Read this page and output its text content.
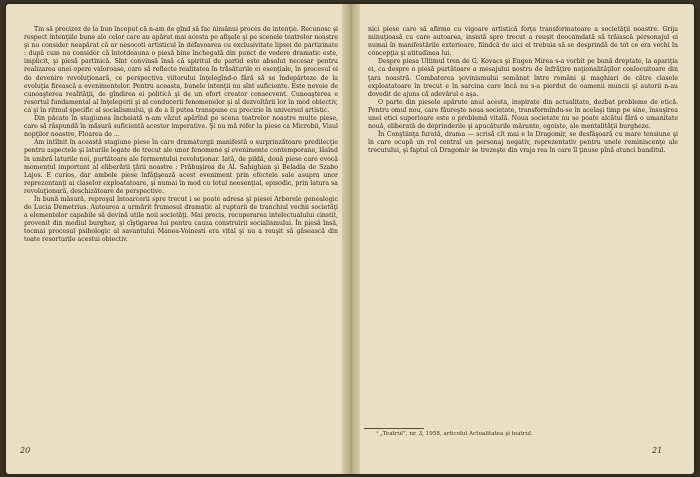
Tin să precizez de la bun început că n-am de gînd să fac nimănui proces de intenţie. Recunosc şi respect intenţiile bune ale celor care au apărut mai acesta pe afişele şi pe scenele teatrelor noastre şi nu consider neapărat că ar nesocoti artisticul în defavoarea cu exclusivitate lipsei de partizinate : după cum nu consider că întotdeauna o piesă bine închegată din punct de vedere dramatic este, implicit, şi piesă partinică. Sînt convinsă însă că spiritul de partid este absolut necesar pentru realizarea unei opere valoroase, care să reflecte realitatea în trăsăturile ei esenţiale, în procesul ei de devenire revoluţionară, ce perspectiva viitorului înţelegînd-o fără să se îndepărteze de la evoluţia firească a evenimentelor. Pentru aceasta, bunele intenţii nu sînt suficiente. Este nevoie de cunoaşterea realităţii, de gîndirea ei politică şi de un efort creator consecvent. Cunoaşterea e resortul fundamental al înţelegerii şi al conducerii fenomenelor şi al dezvoltării lor în mod obiectiv, ca şi în ritmul specific al socialismului, şi de a îl putea transpune cu precizie în universul artistic.

Din păcate în stagiunea încheiată n-am văzut apărînd pe scena teatrelor noastre multe piese, care să răspundă în măsură suficientă acestor imperative. Şi nu mă refer la piese ca Microbii, Visul nopţilor noastre, Floarea de ...

Am intîlnit în această stagiune piese în care dramaturgii manifestă o surprinzătoare predilecţie pentru aspectele şi laturile legate de trecut ale unor fenomene şi evenimente contemporane, lăsînd în umbră laturile noi, purtătoare ale fermentului revoluţionar. Iată, de pildă, două piese care evocă momentul important al eliberării ţării noastre : Prăbuşirea de Al. Sahighian şi Beladia de Szabo Lajos. E curios, dar ambele piese înfăţişează acest eveniment prin efectele sale asupra unor reprezentanţi ai claselor exploatatoare, şi numai în mod cu totul neesenţial, episodic, prin latura sa revoluţionară, deschizătoare de perspective.

În bună măsură, reproşul întoarcerii spre trecut i se poate adresa şi piesei Arborele genealogic de Lucia Demetrius. Autoarea a urmărit frumosul dramatic al rupturii de tranchiul vechii societăţi a elementelor capabile să devină utile noii societăţi. Mai precis, recuperarea intelectualului cinstit, provenit din mediul burghez, şi cîştigarea lui pentru cauza construirii socialismului. În piesă însă, tocmai procesul psihologic al savantului Manea-Voinesti era vital şi nu a reuşit să găsească din toate resorturile acestui obiectiv.

nici piese care să afirme cu vigoare artistică forţa transformatoare a societăţii noastre. Grija minuţioasă cu care autoarea, insistă spre trecut a reuşit deocamdată să trăiască personajul ei numai în manifestările exterioare, fiindcă de aici el trebuia să se desprindă de tot ce era vechi în concepţia şi atitudinea lui.

Despre piesa Ultimul tren de G. Kovacs şi Eugen Mirea s-a vorbit pe bună dreptate, la apariţia ei, ca despre o piesă purtătoare a mesajului nostru de înfrăţire naţionalităţilor conlocuitoare din ţara noastră. Combaterea şovinismului semănat între români şi maghiari de către clasele exploatatoare în trecut e în sarcina care încă nu s-a pierdut de oamenii muncii şi autorii n-au dovedit de ajuns că adevărul e aşa.

O parte din piesele apărute anul acesta, inspirate din actualitate, dezbat probleme de etică. Pentru omul nou, care făureşte noua societate, transformîndu-se în acelaşi timp pe sine, însuşirea unei etici superioare este o problemă vitală. Noua societate nu se poate alcătui fără o umanitate nouă, eliberată de deprinderile şi apucăturile mărunte, egoiste, ale mentalităţii burgheze.

În Conştiinţa furată, drama — scrisă cît mai e la Dragomir, se desfăşoară cu mare tensiune şi în care ocupă un rol central un personaj negativ, reprezentativ pentru unele reminiscenţe ale trecutului, şi faptul că Dragomir se trezeşte din vraja rea în care îl ţinuse pînă atunci banditul.

¹ „Teatrul”, nr. 3, 1958, articolul Actualitatea şi teatrul.
20	21
